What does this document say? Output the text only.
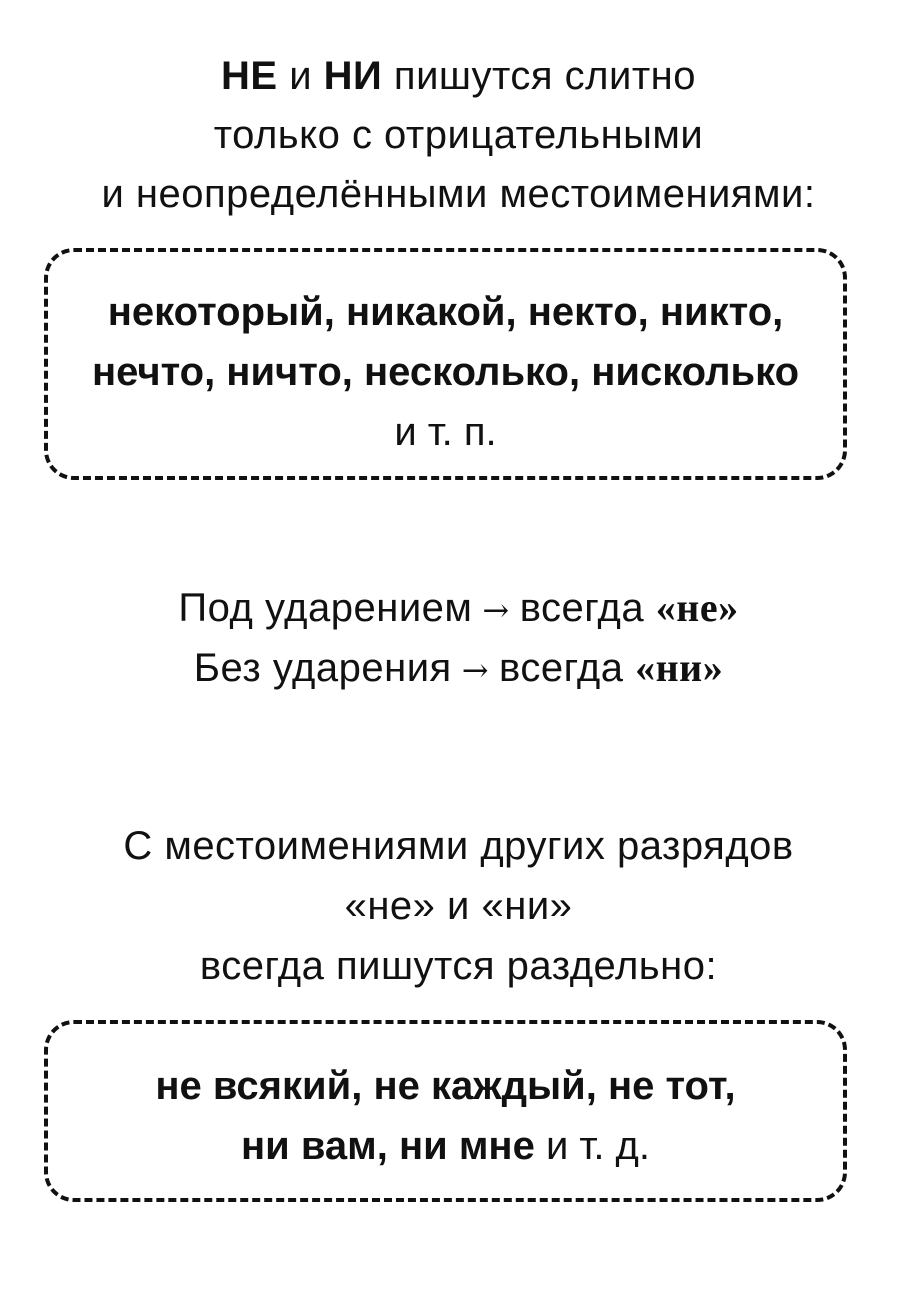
НЕ и НИ пишутся слитно
только с отрицательными
и неопределёнными местоимениями:
некоторый, никакой, некто, никто,
нечто, ничто, несколько, нисколько
и т. п.
Под ударением → всегда «не»
Без ударения → всегда «ни»
С местоимениями других разрядов
«не» и «ни»
всегда пишутся раздельно:
не всякий, не каждый, не тот,
ни вам, ни мне и т. д.
